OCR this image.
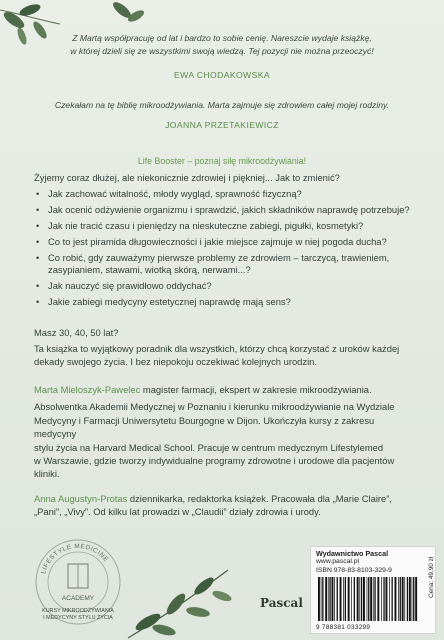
Z Martą współpracuję od lat i bardzo to sobie cenię. Nareszcie wydaje książkę,
w której dzieli się ze wszystkimi swoją wiedzą. Tej pozycji nie można przeoczyć!
EWA CHODAKOWSKA
Czekałam na tę biblię mikroodżywiania. Marta zajmuje się zdrowiem całej mojej rodziny.
JOANNA PRZETAKIEWICZ
Life Booster – poznaj siłę mikroodżywiania!
Żyjemy coraz dłużej, ale niekonicznie zdrowiej i piękniej... Jak to zmienić?
• Jak zachować witalność, młody wygląd, sprawność fizyczną?
• Jak ocenić odżywienie organizmu i sprawdzić, jakich składników naprawdę potrzebuje?
• Jak nie tracić czasu i pieniędzy na nieskuteczne zabiegi, pigułki, kosmetyki?
• Co to jest piramida długowieczności i jakie miejsce zajmuje w niej pogoda ducha?
• Co robić, gdy zauważymy pierwsze problemy ze zdrowiem – tarczycą, trawieniem,
zasypianiem, stawami, wiotką skórą, nerwami...?
• Jak nauczyć się prawidłowo oddychać?
• Jakie zabiegi medycyny estetycznej naprawdę mają sens?

Masz 30, 40, 50 lat?

Ta książka to wyjątkowy poradnik dla wszystkich, którzy chcą korzystać z uroków każdej
dekady swojego życia. I bez niepokoju oczekiwać kolejnych urodzin.
Marta Mieloszyk-Pawelec magister farmacji, ekspert w zakresie mikroodżywiania.
Absolwentka Akademii Medycznej w Poznaniu i kierunku mikroodżywianie na Wydziale
Medycyny i Farmacji Uniwersytetu Bourgogne w Dijon. Ukończyła kursy z zakresu medycyny
stylu życia na Harvard Medical School. Pracuje w centrum medycznym Lifestylemed
w Warszawie, gdzie tworzy indywidualne programy zdrowotne i urodowe dla pacjentów
kliniki.
Anna Augustyn-Protas dziennikarka, redaktorka książek. Pracowała dla „Marie Claire”,
„Pani”, „Vivy”. Od kilku lat prowadzi w „Claudii” działy zdrowia i urody.
LIFESTYLE MEDICINE
ACADEMY
KURSY MIKROODŻYWIANIA
I MEDYCYNY STYLU ŻYCIA
Pascal
Wydawnictwo Pascal
www.pascal.pl
ISBN 978-83-8103-329-9
9 788381 033299
Cena: 49,90 zł
